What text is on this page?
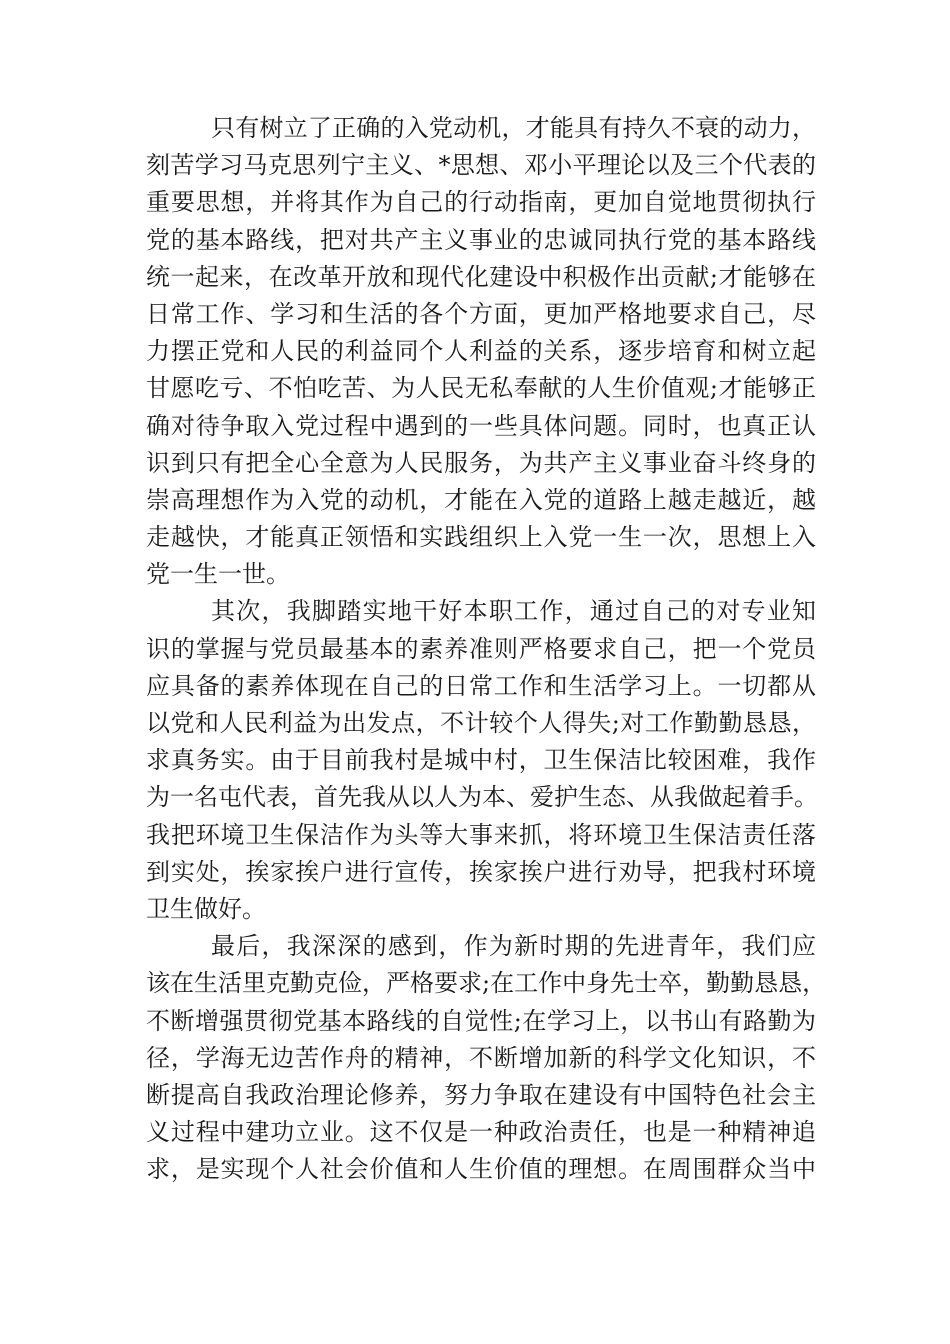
只有树立了正确的入党动机，才能具有持久不衰的动力，
刻苦学习马克思列宁主义、*思想、邓小平理论以及三个代表的
重要思想，并将其作为自己的行动指南，更加自觉地贯彻执行
党的基本路线，把对共产主义事业的忠诚同执行党的基本路线
统一起来，在改革开放和现代化建设中积极作出贡献;才能够在
日常工作、学习和生活的各个方面，更加严格地要求自己，尽
力摆正党和人民的利益同个人利益的关系，逐步培育和树立起
甘愿吃亏、不怕吃苦、为人民无私奉献的人生价值观;才能够正
确对待争取入党过程中遇到的一些具体问题。同时，也真正认
识到只有把全心全意为人民服务，为共产主义事业奋斗终身的
崇高理想作为入党的动机，才能在入党的道路上越走越近，越
走越快，才能真正领悟和实践组织上入党一生一次，思想上入
党一生一世。
其次，我脚踏实地干好本职工作，通过自己的对专业知
识的掌握与党员最基本的素养准则严格要求自己，把一个党员
应具备的素养体现在自己的日常工作和生活学习上。一切都从
以党和人民利益为出发点，不计较个人得失;对工作勤勤恳恳，
求真务实。由于目前我村是城中村，卫生保洁比较困难，我作
为一名屯代表，首先我从以人为本、爱护生态、从我做起着手。
我把环境卫生保洁作为头等大事来抓，将环境卫生保洁责任落
到实处，挨家挨户进行宣传，挨家挨户进行劝导，把我村环境
卫生做好。
最后，我深深的感到，作为新时期的先进青年，我们应
该在生活里克勤克俭，严格要求;在工作中身先士卒，勤勤恳恳，
不断增强贯彻党基本路线的自觉性;在学习上，以书山有路勤为
径，学海无边苦作舟的精神，不断增加新的科学文化知识，不
断提高自我政治理论修养，努力争取在建设有中国特色社会主
义过程中建功立业。这不仅是一种政治责任，也是一种精神追
求，是实现个人社会价值和人生价值的理想。在周围群众当中
